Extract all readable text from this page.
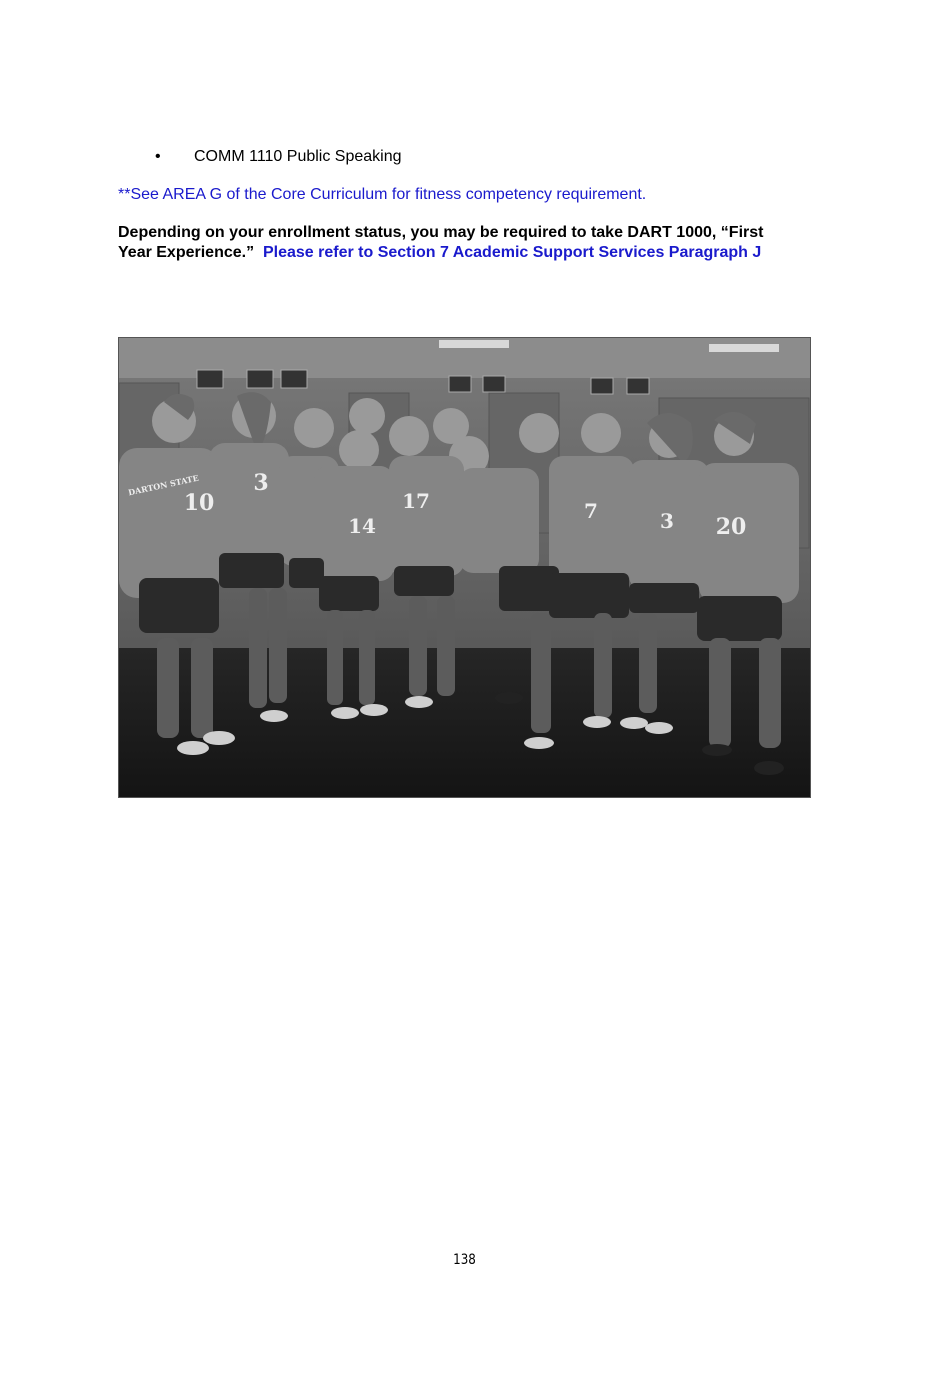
• COMM 1110 Public Speaking
**See AREA G of the Core Curriculum for fitness competency requirement.
Depending on your enrollment status, you may be required to take DART 1000, “First
Year Experience.” Please refer to Section 7 Academic Support Services Paragraph J
DARTON STATE
10
3
14
17	7	3 20
138
